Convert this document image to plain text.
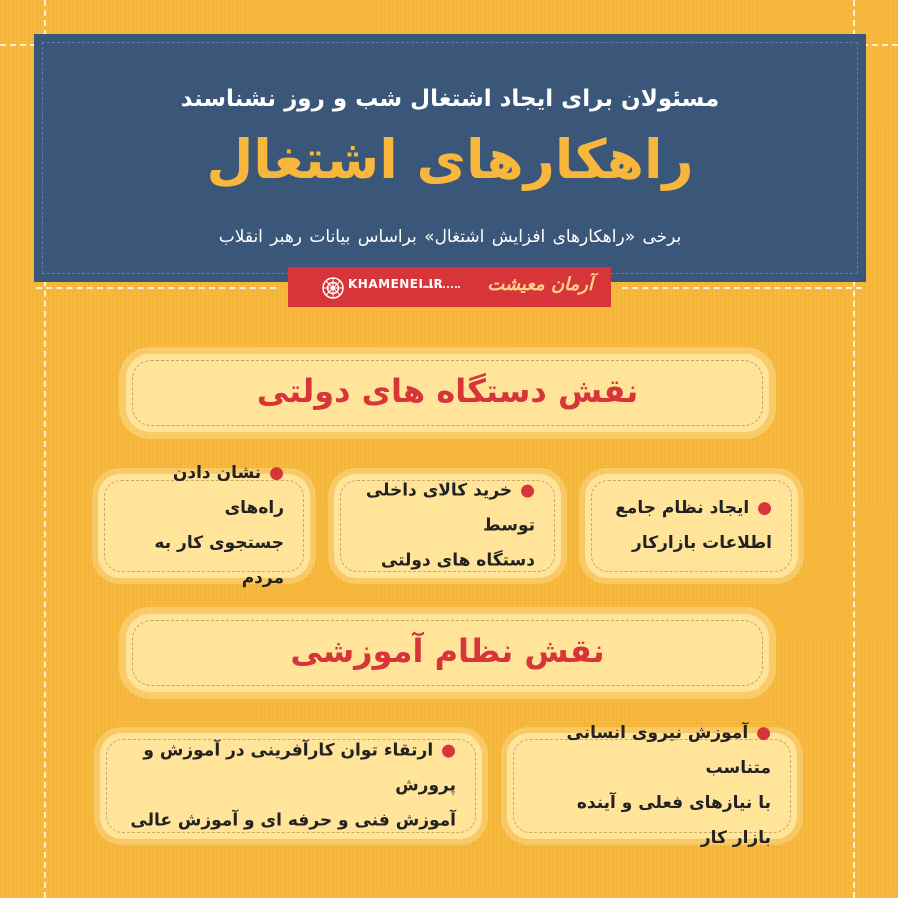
مسئولان برای ایجاد اشتغال شب و روز نشناسند
راهکارهای اشتغال
برخی «راهکارهای افزایش اشتغال» براساس بیانات رهبر انقلاب
آرمان معیشت
KHAMENEI.IR
نقش دستگاه های دولتی
●ایجاد نظام جامع
اطلاعات بازارکار
●خرید کالای داخلی توسط
دستگاه های دولتی
●نشان دادن راه‌های
جستجوی کار به مردم
نقش نظام آموزشی
●آموزش نیروی انسانی متناسب
با نیازهای فعلی و آینده بازار کار
●ارتقاء توان کارآفرینی در آموزش و پرورش
آموزش فنی و حرفه ای و آموزش عالی
